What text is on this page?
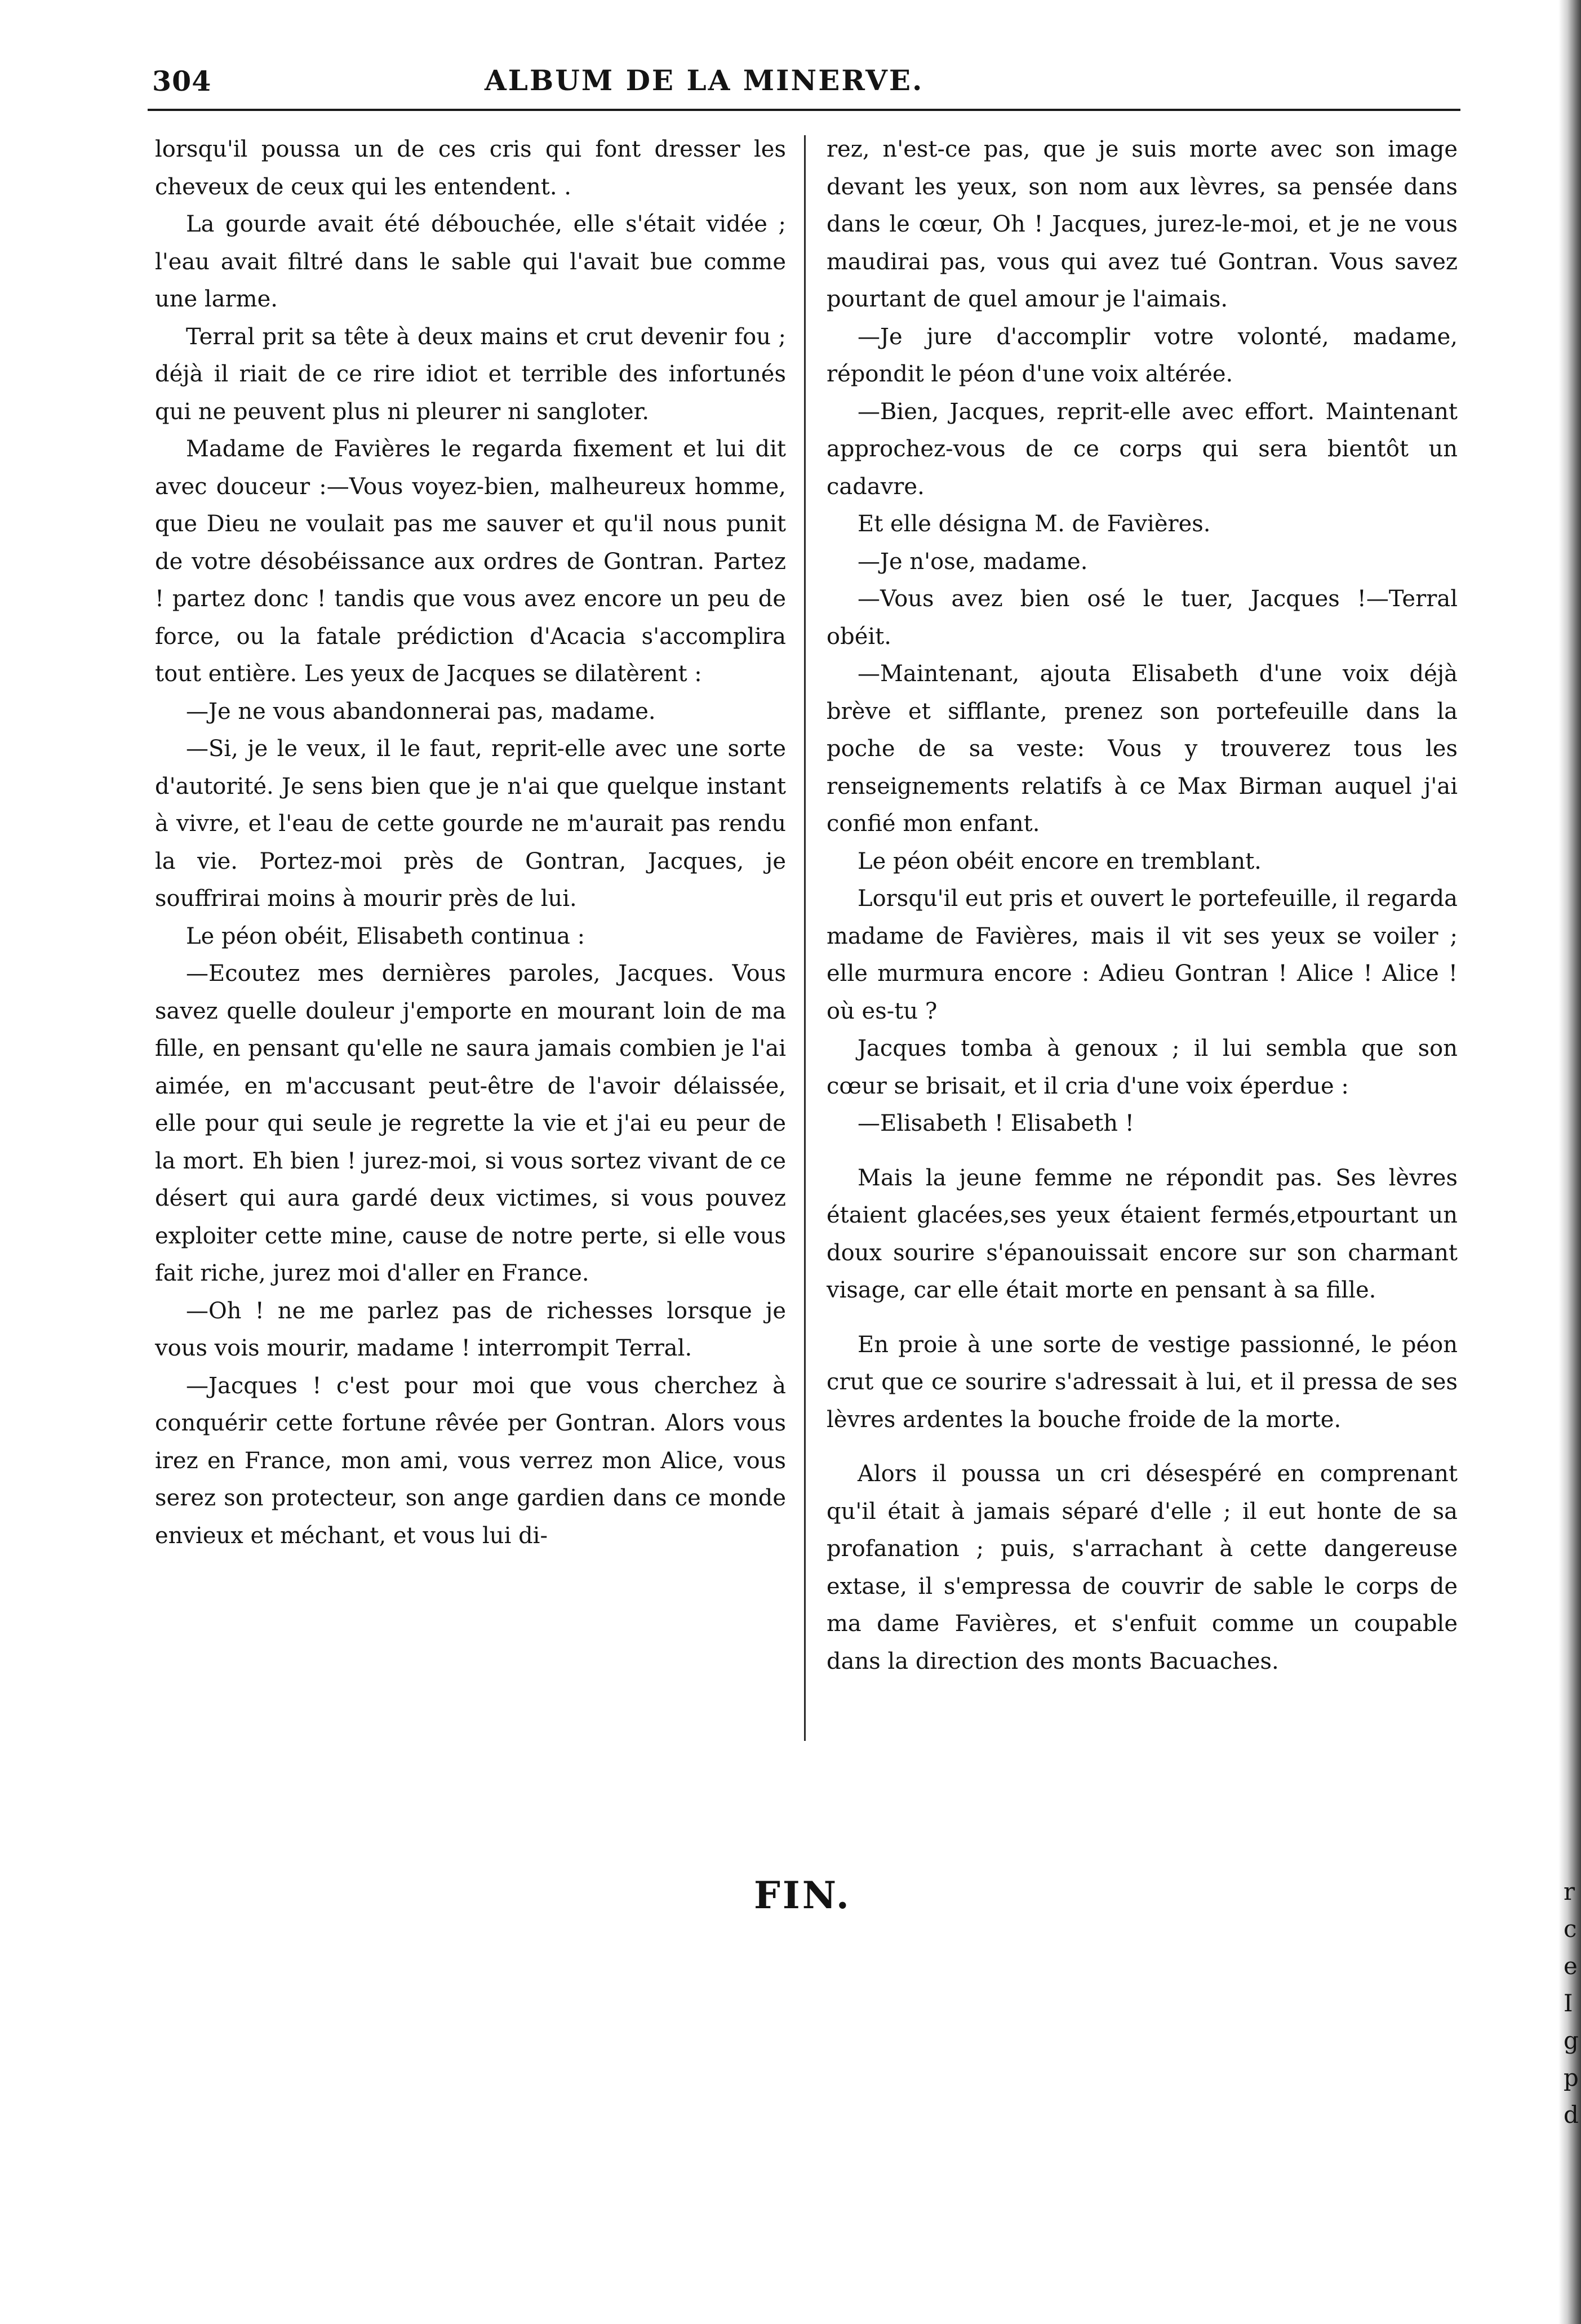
304	ALBUM DE LA MINERVE.

lorsqu'il poussa un de ces cris qui font dresser les cheveux de ceux qui les entendent. .

La gourde avait été débouchée, elle s'était vidée ; l'eau avait filtré dans le sable qui l'avait bue comme une larme.

Terral prit sa tête à deux mains et crut devenir fou ; déjà il riait de ce rire idiot et terrible des infortunés qui ne peuvent plus ni pleurer ni sangloter.

Madame de Favières le regarda fixement et lui dit avec douceur :—Vous voyez-bien, malheureux homme, que Dieu ne voulait pas me sauver et qu'il nous punit de votre désobéissance aux ordres de Gontran. Partez ! partez donc ! tandis que vous avez encore un peu de force, ou la fatale prédiction d'Acacia s'accomplira tout entière. Les yeux de Jacques se dilatèrent :

—Je ne vous abandonnerai pas, madame.

—Si, je le veux, il le faut, reprit-elle avec une sorte d'autorité. Je sens bien que je n'ai que quelque instant à vivre, et l'eau de cette gourde ne m'aurait pas rendu la vie. Portez-moi près de Gontran, Jacques, je souffrirai moins à mourir près de lui.

Le péon obéit, Elisabeth continua :

—Ecoutez mes dernières paroles, Jacques. Vous savez quelle douleur j'emporte en mourant loin de ma fille, en pensant qu'elle ne saura jamais combien je l'ai aimée, en m'accusant peut-être de l'avoir délaissée, elle pour qui seule je regrette la vie et j'ai eu peur de la mort. Eh bien ! jurez-moi, si vous sortez vivant de ce désert qui aura gardé deux victimes, si vous pouvez exploiter cette mine, cause de notre perte, si elle vous fait riche, jurez moi d'aller en France.

—Oh ! ne me parlez pas de richesses lorsque je vous vois mourir, madame ! interrompit Terral.

—Jacques ! c'est pour moi que vous cherchez à conquérir cette fortune rêvée per Gontran. Alors vous irez en France, mon ami, vous verrez mon Alice, vous serez son protecteur, son ange gardien dans ce monde envieux et méchant, et vous lui di-

rez, n'est-ce pas, que je suis morte avec son image devant les yeux, son nom aux lèvres, sa pensée dans dans le cœur, Oh ! Jacques, jurez-le-moi, et je ne vous maudirai pas, vous qui avez tué Gontran. Vous savez pourtant de quel amour je l'aimais.

—Je jure d'accomplir votre volonté, madame, répondit le péon d'une voix altérée.

—Bien, Jacques, reprit-elle avec effort. Maintenant approchez-vous de ce corps qui sera bientôt un cadavre.

Et elle désigna M. de Favières.

—Je n'ose, madame.

—Vous avez bien osé le tuer, Jacques !—Terral obéit.

—Maintenant, ajouta Elisabeth d'une voix déjà brève et sifflante, prenez son portefeuille dans la poche de sa veste: Vous y trouverez tous les renseignements relatifs à ce Max Birman auquel j'ai confié mon enfant.

Le péon obéit encore en tremblant.

Lorsqu'il eut pris et ouvert le portefeuille, il regarda madame de Favières, mais il vit ses yeux se voiler ; elle murmura encore : Adieu Gontran ! Alice ! Alice ! où es-tu ?

Jacques tomba à genoux ; il lui sembla que son cœur se brisait, et il cria d'une voix éperdue :

—Elisabeth ! Elisabeth !

Mais la jeune femme ne répondit pas. Ses lèvres étaient glacées,ses yeux étaient fermés,etpourtant un doux sourire s'épanouissait encore sur son charmant visage, car elle était morte en pensant à sa fille.

En proie à une sorte de vestige passionné, le péon crut que ce sourire s'adressait à lui, et il pressa de ses lèvres ardentes la bouche froide de la morte.

Alors il poussa un cri désespéré en comprenant qu'il était à jamais séparé d'elle ; il eut honte de sa profanation ; puis, s'arrachant à cette dangereuse extase, il s'empressa de couvrir de sable le corps de ma dame Favières, et s'enfuit comme un coupable dans la direction des monts Bacuaches.

FIN.	r
c
e
I
g
p
d
